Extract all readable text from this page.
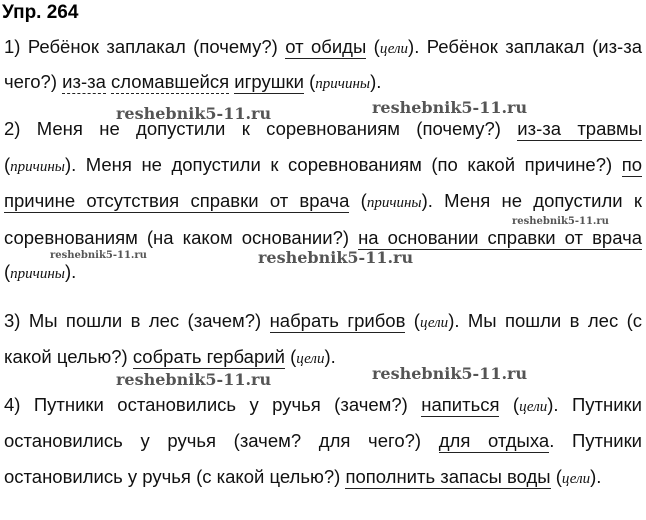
Упр. 264
1) Ребёнок заплакал (почему?) от обиды (цели). Ребёнок заплакал (из-за
чего?) из-за сломавшейся игрушки (причины).
2) Меня не допустили к соревнованиям (почему?) из-за травмы
(причины). Меня не допустили к соревнованиям (по какой причине?) по
причине отсутствия справки от врача (причины). Меня не допустили к
соревнованиям (на каком основании?) на основании справки от врача
(причины).
3) Мы пошли в лес (зачем?) набрать грибов (цели). Мы пошли в лес (с
какой целью?) собрать гербарий (цели).
4) Путники остановились у ручья (зачем?) напиться (цели). Путники
остановились у ручья (зачем? для чего?) для отдыха. Путники
остановились у ручья (с какой целью?) пополнить запасы воды (цели).
reshebnik5-11.ru	reshebnik5-11.ru
reshebnik5-11.ru
reshebnik5-11.ru	reshebnik5-11.ru
reshebnik5-11.ru	reshebnik5-11.ru
